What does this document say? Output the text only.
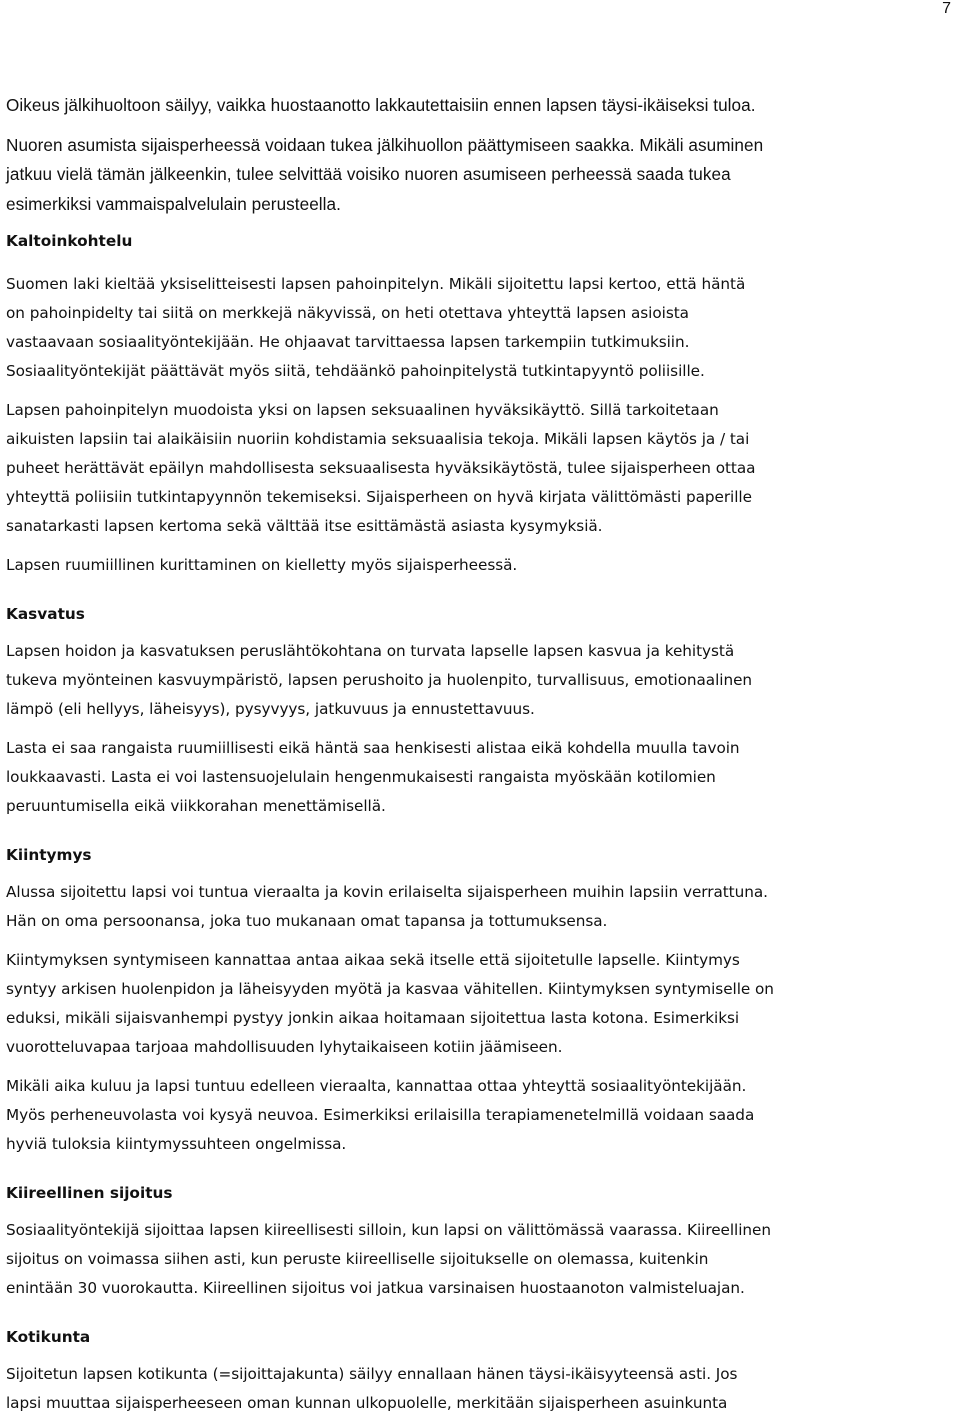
7

Oikeus jälkihuoltoon säilyy, vaikka huostaanotto lakkautettaisiin ennen lapsen täysi-ikäiseksi tuloa.

Nuoren asumista sijaisperheessä voidaan tukea jälkihuollon päättymiseen saakka. Mikäli asuminen
jatkuu vielä tämän jälkeenkin, tulee selvittää voisiko nuoren asumiseen perheessä saada tukea
esimerkiksi vammaispalvelulain perusteella.

Kaltoinkohtelu

Suomen laki kieltää yksiselitteisesti lapsen pahoinpitelyn. Mikäli sijoitettu lapsi kertoo, että häntä
on pahoinpidelty tai siitä on merkkejä näkyvissä, on heti otettava yhteyttä lapsen asioista
vastaavaan sosiaalityöntekijään. He ohjaavat tarvittaessa lapsen tarkempiin tutkimuksiin.
Sosiaalityöntekijät päättävät myös siitä, tehdäänkö pahoinpitelystä tutkintapyyntö poliisille.

Lapsen pahoinpitelyn muodoista yksi on lapsen seksuaalinen hyväksikäyttö. Sillä tarkoitetaan
aikuisten lapsiin tai alaikäisiin nuoriin kohdistamia seksuaalisia tekoja. Mikäli lapsen käytös ja / tai
puheet herättävät epäilyn mahdollisesta seksuaalisesta hyväksikäytöstä, tulee sijaisperheen ottaa
yhteyttä poliisiin tutkintapyynnön tekemiseksi. Sijaisperheen on hyvä kirjata välittömästi paperille
sanatarkasti lapsen kertoma sekä välttää itse esittämästä asiasta kysymyksiä.

Lapsen ruumiillinen kurittaminen on kielletty myös sijaisperheessä.

Kasvatus

Lapsen hoidon ja kasvatuksen peruslähtökohtana on turvata lapselle lapsen kasvua ja kehitystä
tukeva myönteinen kasvuympäristö, lapsen perushoito ja huolenpito, turvallisuus, emotionaalinen
lämpö (eli hellyys, läheisyys), pysyvyys, jatkuvuus ja ennustettavuus.

Lasta ei saa rangaista ruumiillisesti eikä häntä saa henkisesti alistaa eikä kohdella muulla tavoin
loukkaavasti. Lasta ei voi lastensuojelulain hengenmukaisesti rangaista myöskään kotilomien
peruuntumisella eikä viikkorahan menettämisellä.

Kiintymys

Alussa sijoitettu lapsi voi tuntua vieraalta ja kovin erilaiselta sijaisperheen muihin lapsiin verrattuna.
Hän on oma persoonansa, joka tuo mukanaan omat tapansa ja tottumuksensa.

Kiintymyksen syntymiseen kannattaa antaa aikaa sekä itselle että sijoitetulle lapselle. Kiintymys
syntyy arkisen huolenpidon ja läheisyyden myötä ja kasvaa vähitellen. Kiintymyksen syntymiselle on
eduksi, mikäli sijaisvanhempi pystyy jonkin aikaa hoitamaan sijoitettua lasta kotona. Esimerkiksi
vuorotteluvapaa tarjoaa mahdollisuuden lyhytaikaiseen kotiin jäämiseen.

Mikäli aika kuluu ja lapsi tuntuu edelleen vieraalta, kannattaa ottaa yhteyttä sosiaalityöntekijään.
Myös perheneuvolasta voi kysyä neuvoa. Esimerkiksi erilaisilla terapiamenetelmillä voidaan saada
hyviä tuloksia kiintymyssuhteen ongelmissa.

Kiireellinen sijoitus

Sosiaalityöntekijä sijoittaa lapsen kiireellisesti silloin, kun lapsi on välittömässä vaarassa. Kiireellinen
sijoitus on voimassa siihen asti, kun peruste kiireelliselle sijoitukselle on olemassa, kuitenkin
enintään 30 vuorokautta. Kiireellinen sijoitus voi jatkua varsinaisen huostaanoton valmisteluajan.

Kotikunta

Sijoitetun lapsen kotikunta (=sijoittajakunta) säilyy ennallaan hänen täysi-ikäisyyteensä asti. Jos
lapsi muuttaa sijaisperheeseen oman kunnan ulkopuolelle, merkitään sijaisperheen asuinkunta
